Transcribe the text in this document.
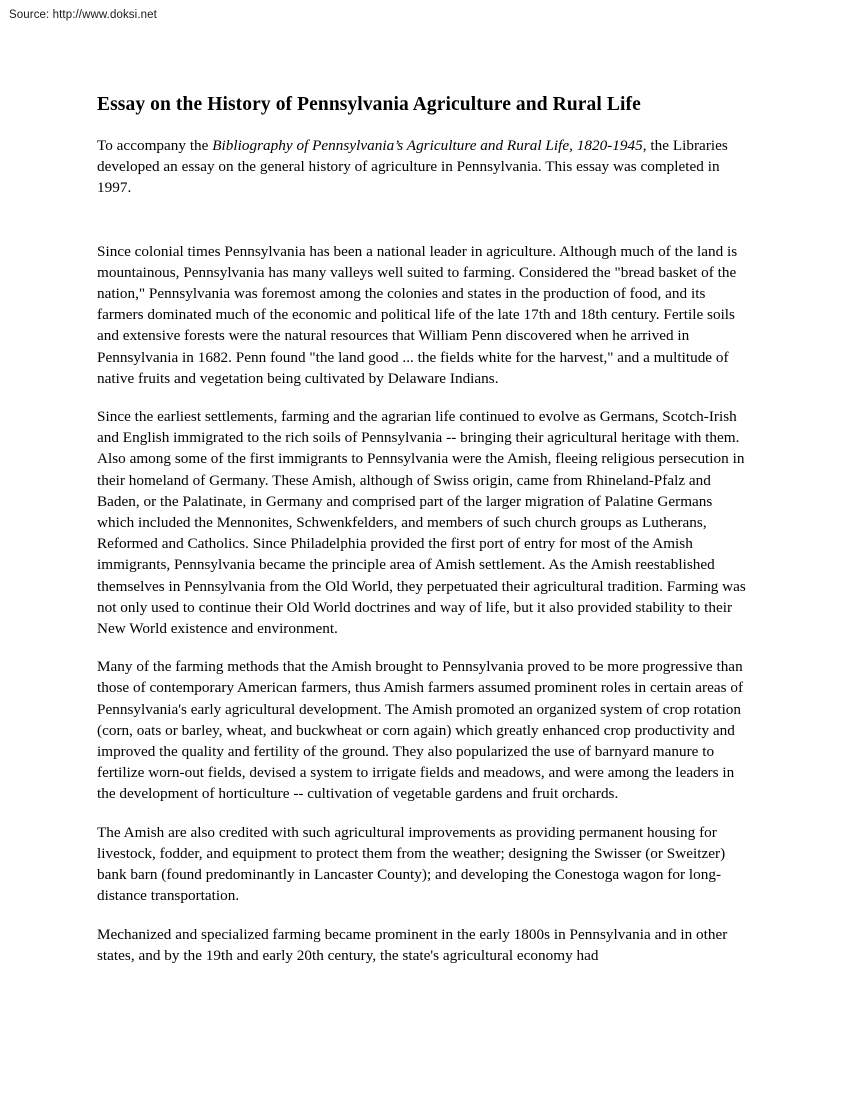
Source: http://www.doksi.net
Essay on the History of Pennsylvania Agriculture and Rural Life

To accompany the Bibliography of Pennsylvania’s Agriculture and Rural Life, 1820-1945, the Libraries developed an essay on the general history of agriculture in Pennsylvania. This essay was completed in 1997.

Since colonial times Pennsylvania has been a national leader in agriculture. Although much of the land is mountainous, Pennsylvania has many valleys well suited to farming. Considered the "bread basket of the nation," Pennsylvania was foremost among the colonies and states in the production of food, and its farmers dominated much of the economic and political life of the late 17th and 18th century. Fertile soils and extensive forests were the natural resources that William Penn discovered when he arrived in Pennsylvania in 1682. Penn found "the land good ... the fields white for the harvest," and a multitude of native fruits and vegetation being cultivated by Delaware Indians.

Since the earliest settlements, farming and the agrarian life continued to evolve as Germans, Scotch-Irish and English immigrated to the rich soils of Pennsylvania -- bringing their agricultural heritage with them. Also among some of the first immigrants to Pennsylvania were the Amish, fleeing religious persecution in their homeland of Germany. These Amish, although of Swiss origin, came from Rhineland-Pfalz and Baden, or the Palatinate, in Germany and comprised part of the larger migration of Palatine Germans which included the Mennonites, Schwenkfelders, and members of such church groups as Lutherans, Reformed and Catholics. Since Philadelphia provided the first port of entry for most of the Amish immigrants, Pennsylvania became the principle area of Amish settlement. As the Amish reestablished themselves in Pennsylvania from the Old World, they perpetuated their agricultural tradition. Farming was not only used to continue their Old World doctrines and way of life, but it also provided stability to their New World existence and environment.

Many of the farming methods that the Amish brought to Pennsylvania proved to be more progressive than those of contemporary American farmers, thus Amish farmers assumed prominent roles in certain areas of Pennsylvania's early agricultural development. The Amish promoted an organized system of crop rotation (corn, oats or barley, wheat, and buckwheat or corn again) which greatly enhanced crop productivity and improved the quality and fertility of the ground. They also popularized the use of barnyard manure to fertilize worn-out fields, devised a system to irrigate fields and meadows, and were among the leaders in the development of horticulture -- cultivation of vegetable gardens and fruit orchards.

The Amish are also credited with such agricultural improvements as providing permanent housing for livestock, fodder, and equipment to protect them from the weather; designing the Swisser (or Sweitzer) bank barn (found predominantly in Lancaster County); and developing the Conestoga wagon for long-distance transportation.

Mechanized and specialized farming became prominent in the early 1800s in Pennsylvania and in other states, and by the 19th and early 20th century, the state's agricultural economy had
